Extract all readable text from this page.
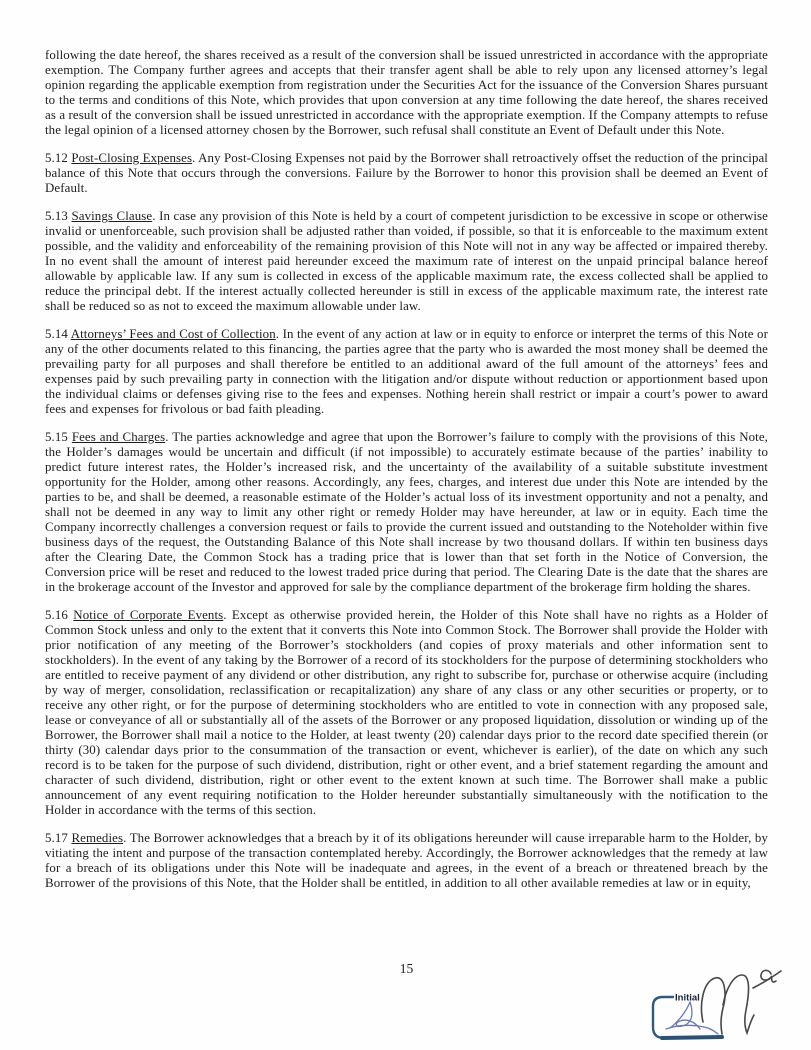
following the date hereof, the shares received as a result of the conversion shall be issued unrestricted in accordance with the appropriate exemption. The Company further agrees and accepts that their transfer agent shall be able to rely upon any licensed attorney’s legal opinion regarding the applicable exemption from registration under the Securities Act for the issuance of the Conversion Shares pursuant to the terms and conditions of this Note, which provides that upon conversion at any time following the date hereof, the shares received as a result of the conversion shall be issued unrestricted in accordance with the appropriate exemption. If the Company attempts to refuse the legal opinion of a licensed attorney chosen by the Borrower, such refusal shall constitute an Event of Default under this Note.

5.12 Post-Closing Expenses. Any Post-Closing Expenses not paid by the Borrower shall retroactively offset the reduction of the principal balance of this Note that occurs through the conversions. Failure by the Borrower to honor this provision shall be deemed an Event of Default.

5.13 Savings Clause. In case any provision of this Note is held by a court of competent jurisdiction to be excessive in scope or otherwise invalid or unenforceable, such provision shall be adjusted rather than voided, if possible, so that it is enforceable to the maximum extent possible, and the validity and enforceability of the remaining provision of this Note will not in any way be affected or impaired thereby. In no event shall the amount of interest paid hereunder exceed the maximum rate of interest on the unpaid principal balance hereof allowable by applicable law. If any sum is collected in excess of the applicable maximum rate, the excess collected shall be applied to reduce the principal debt. If the interest actually collected hereunder is still in excess of the applicable maximum rate, the interest rate shall be reduced so as not to exceed the maximum allowable under law.

5.14 Attorneys’ Fees and Cost of Collection. In the event of any action at law or in equity to enforce or interpret the terms of this Note or any of the other documents related to this financing, the parties agree that the party who is awarded the most money shall be deemed the prevailing party for all purposes and shall therefore be entitled to an additional award of the full amount of the attorneys’ fees and expenses paid by such prevailing party in connection with the litigation and/or dispute without reduction or apportionment based upon the individual claims or defenses giving rise to the fees and expenses. Nothing herein shall restrict or impair a court’s power to award fees and expenses for frivolous or bad faith pleading.

5.15 Fees and Charges. The parties acknowledge and agree that upon the Borrower’s failure to comply with the provisions of this Note, the Holder’s damages would be uncertain and difficult (if not impossible) to accurately estimate because of the parties’ inability to predict future interest rates, the Holder’s increased risk, and the uncertainty of the availability of a suitable substitute investment opportunity for the Holder, among other reasons. Accordingly, any fees, charges, and interest due under this Note are intended by the parties to be, and shall be deemed, a reasonable estimate of the Holder’s actual loss of its investment opportunity and not a penalty, and shall not be deemed in any way to limit any other right or remedy Holder may have hereunder, at law or in equity. Each time the Company incorrectly challenges a conversion request or fails to provide the current issued and outstanding to the Noteholder within five business days of the request, the Outstanding Balance of this Note shall increase by two thousand dollars. If within ten business days after the Clearing Date, the Common Stock has a trading price that is lower than that set forth in the Notice of Conversion, the Conversion price will be reset and reduced to the lowest traded price during that period. The Clearing Date is the date that the shares are in the brokerage account of the Investor and approved for sale by the compliance department of the brokerage firm holding the shares.

5.16 Notice of Corporate Events. Except as otherwise provided herein, the Holder of this Note shall have no rights as a Holder of Common Stock unless and only to the extent that it converts this Note into Common Stock. The Borrower shall provide the Holder with prior notification of any meeting of the Borrower’s stockholders (and copies of proxy materials and other information sent to stockholders). In the event of any taking by the Borrower of a record of its stockholders for the purpose of determining stockholders who are entitled to receive payment of any dividend or other distribution, any right to subscribe for, purchase or otherwise acquire (including by way of merger, consolidation, reclassification or recapitalization) any share of any class or any other securities or property, or to receive any other right, or for the purpose of determining stockholders who are entitled to vote in connection with any proposed sale, lease or conveyance of all or substantially all of the assets of the Borrower or any proposed liquidation, dissolution or winding up of the Borrower, the Borrower shall mail a notice to the Holder, at least twenty (20) calendar days prior to the record date specified therein (or thirty (30) calendar days prior to the consummation of the transaction or event, whichever is earlier), of the date on which any such record is to be taken for the purpose of such dividend, distribution, right or other event, and a brief statement regarding the amount and character of such dividend, distribution, right or other event to the extent known at such time. The Borrower shall make a public announcement of any event requiring notification to the Holder hereunder substantially simultaneously with the notification to the Holder in accordance with the terms of this section.

5.17 Remedies. The Borrower acknowledges that a breach by it of its obligations hereunder will cause irreparable harm to the Holder, by vitiating the intent and purpose of the transaction contemplated hereby. Accordingly, the Borrower acknowledges that the remedy at law for a breach of its obligations under this Note will be inadequate and agrees, in the event of a breach or threatened breach by the Borrower of the provisions of this Note, that the Holder shall be entitled, in addition to all other available remedies at law or in equity,

15
Initial
